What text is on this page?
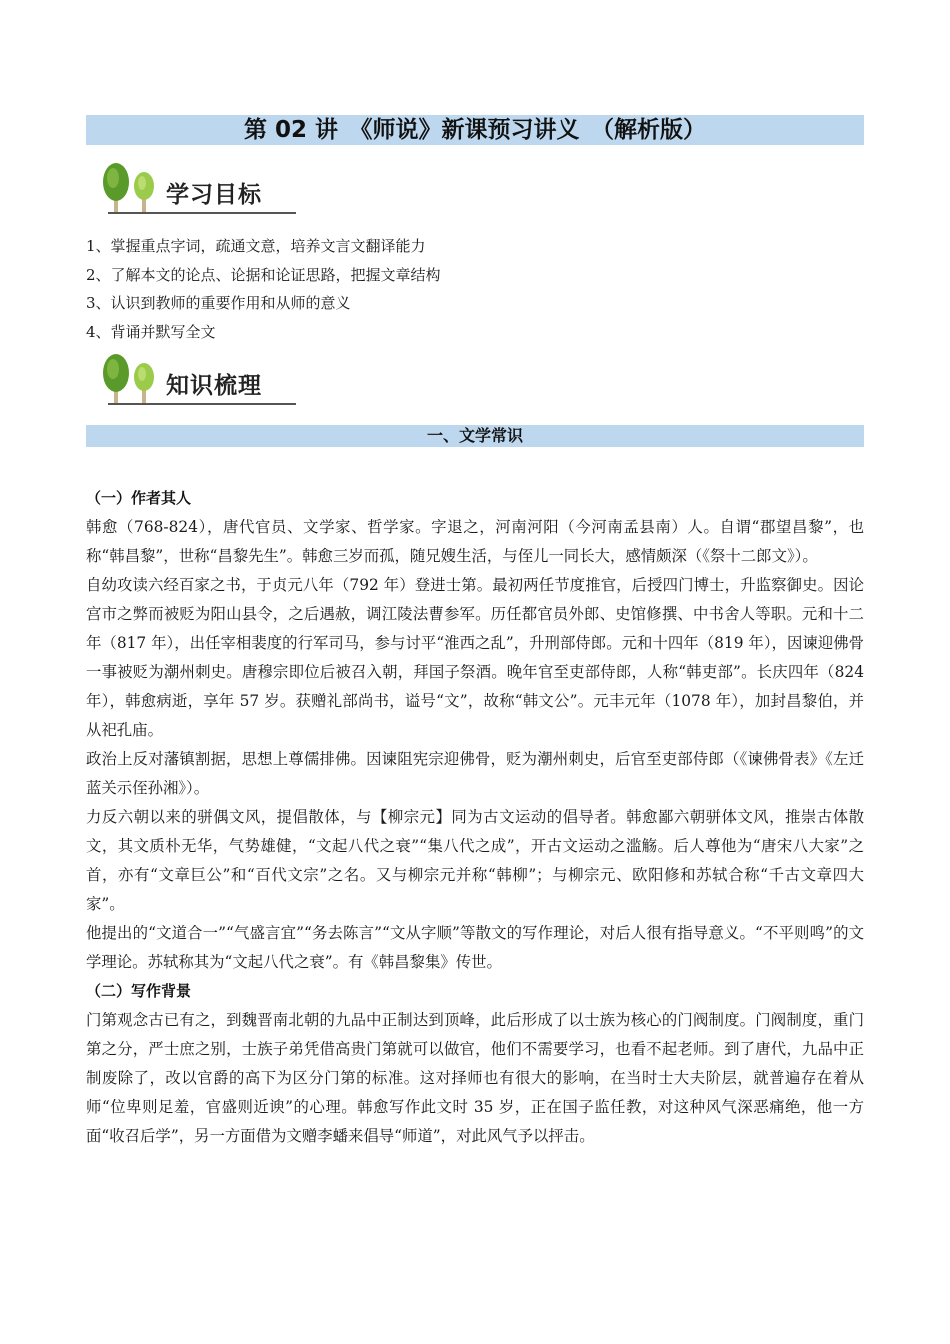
第 02 讲　《师说》新课预习讲义　（解析版）
学习目标
1、掌握重点字词，疏通文意，培养文言文翻译能力
2、了解本文的论点、论据和论证思路，把握文章结构
3、认识到教师的重要作用和从师的意义
4、背诵并默写全文
知识梳理
一、文学常识
（一）作者其人

韩愈（768-824），唐代官员、文学家、哲学家。字退之，河南河阳（今河南孟县南）人。自谓“郡望昌黎”，也称“韩昌黎”，世称“昌黎先生”。韩愈三岁而孤，随兄嫂生活，与侄儿一同长大，感情颇深（《祭十二郎文》）。

自幼攻读六经百家之书，于贞元八年（792 年）登进士第。最初两任节度推官，后授四门博士，升监察御史。因论宫市之弊而被贬为阳山县令，之后遇赦，调江陵法曹参军。历任都官员外郎、史馆修撰、中书舍人等职。元和十二年（817 年），出任宰相裴度的行军司马，参与讨平“淮西之乱”，升刑部侍郎。元和十四年（819 年），因谏迎佛骨一事被贬为潮州刺史。唐穆宗即位后被召入朝，拜国子祭酒。晚年官至吏部侍郎，人称“韩吏部”。长庆四年（824 年），韩愈病逝，享年 57 岁。获赠礼部尚书，谥号“文”，故称“韩文公”。元丰元年（1078 年），加封昌黎伯，并从祀孔庙。

政治上反对藩镇割据，思想上尊儒排佛。因谏阻宪宗迎佛骨，贬为潮州刺史，后官至吏部侍郎（《谏佛骨表》《左迁蓝关示侄孙湘》）。

力反六朝以来的骈偶文风，提倡散体，与【柳宗元】同为古文运动的倡导者。韩愈鄙六朝骈体文风，推崇古体散文，其文质朴无华，气势雄健，“文起八代之衰”“集八代之成”，开古文运动之滥觞。后人尊他为“唐宋八大家”之首，亦有“文章巨公”和“百代文宗”之名。又与柳宗元并称“韩柳”；与柳宗元、欧阳修和苏轼合称“千古文章四大家”。

他提出的“文道合一”“气盛言宜”“务去陈言”“文从字顺”等散文的写作理论，对后人很有指导意义。“不平则鸣”的文学理论。苏轼称其为“文起八代之衰”。有《韩昌黎集》传世。

（二）写作背景

门第观念古已有之，到魏晋南北朝的九品中正制达到顶峰，此后形成了以士族为核心的门阀制度。门阀制度，重门第之分，严士庶之别，士族子弟凭借高贵门第就可以做官，他们不需要学习，也看不起老师。到了唐代，九品中正制废除了，改以官爵的高下为区分门第的标准。这对择师也有很大的影响，在当时士大夫阶层，就普遍存在着从师“位卑则足羞，官盛则近谀”的心理。韩愈写作此文时 35 岁，正在国子监任教，对这种风气深恶痛绝，他一方面“收召后学”，另一方面借为文赠李蟠来倡导“师道”，对此风气予以抨击。
